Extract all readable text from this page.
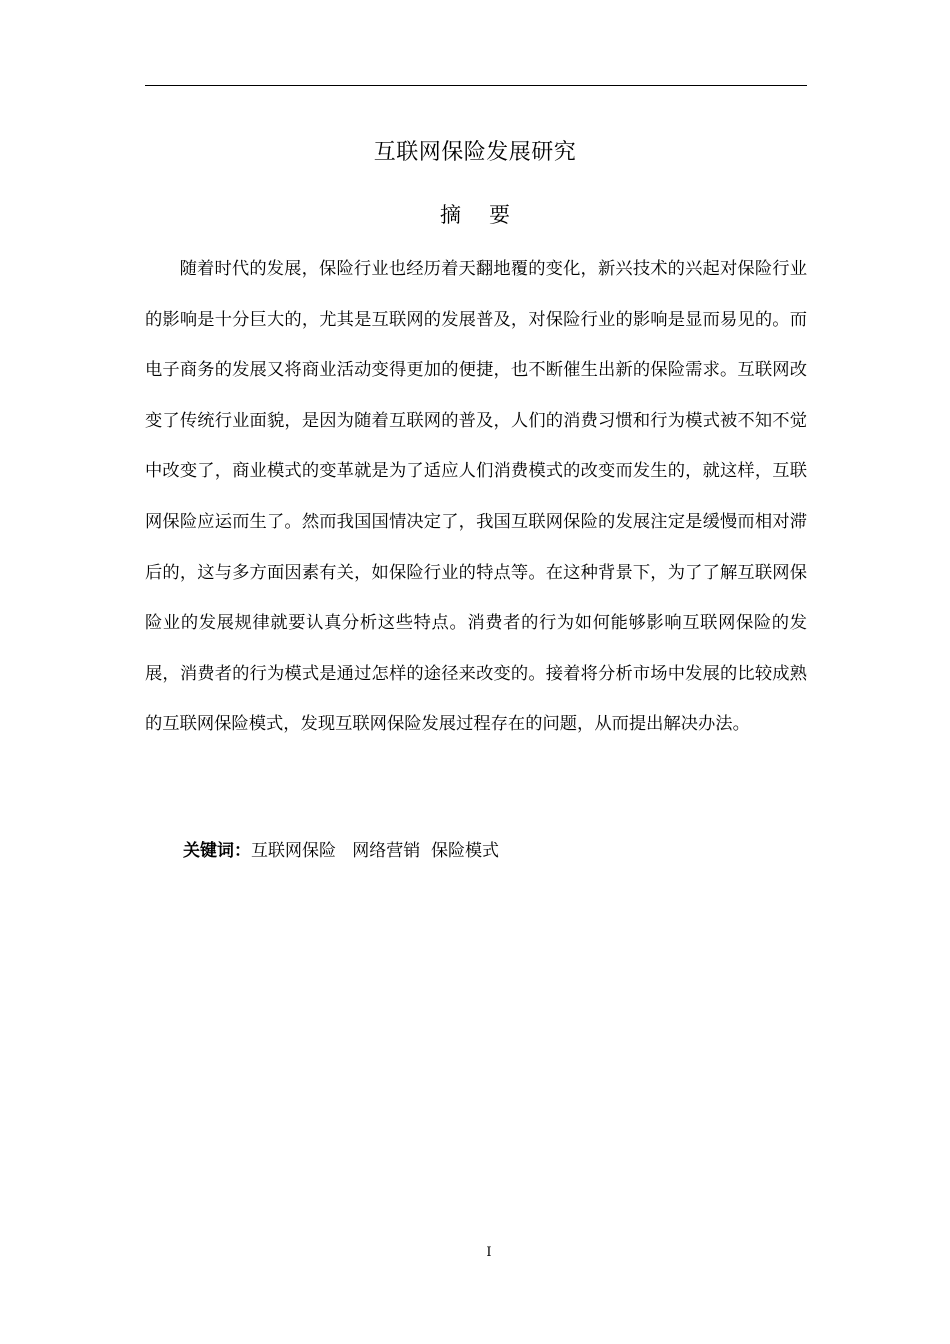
互联网保险发展研究
摘要

随着时代的发展，保险行业也经历着天翻地覆的变化，新兴技术的兴起对保险行业的影响是十分巨大的，尤其是互联网的发展普及，对保险行业的影响是显而易见的。而电子商务的发展又将商业活动变得更加的便捷，也不断催生出新的保险需求。互联网改变了传统行业面貌，是因为随着互联网的普及，人们的消费习惯和行为模式被不知不觉中改变了，商业模式的变革就是为了适应人们消费模式的改变而发生的，就这样，互联网保险应运而生了。然而我国国情决定了，我国互联网保险的发展注定是缓慢而相对滞后的，这与多方面因素有关，如保险行业的特点等。在这种背景下，为了了解互联网保险业的发展规律就要认真分析这些特点。消费者的行为如何能够影响互联网保险的发展，消费者的行为模式是通过怎样的途径来改变的。接着将分析市场中发展的比较成熟的互联网保险模式，发现互联网保险发展过程存在的问题，从而提出解决办法。

关键词：互联网保险   网络营销  保险模式
I
